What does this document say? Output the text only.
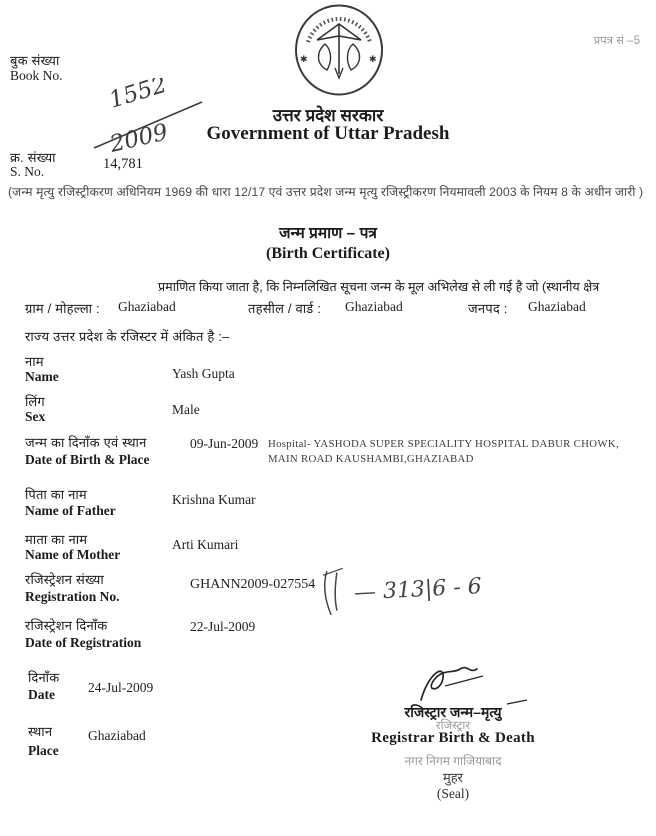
प्रपत्र सं –5
बुक संख्या
Book No. 1552
2009
✱	✱
उत्तर प्रदेश सरकार
Government of Uttar Pradesh
क्र. संख्या
S. No.	14,781
(जन्म मृत्यु रजिस्ट्रीकरण अधिनियम 1969 की धारा 12/17 एवं उत्तर प्रदेश जन्म मृत्यु रजिस्ट्रीकरण नियमावली 2003 के नियम 8 के अधीन जारी )
जन्म प्रमाण – पत्र
(Birth Certificate)
प्रमाणित किया जाता है, कि निम्नलिखित सूचना जन्म के मूल अभिलेख से ली गई है जो (स्थानीय क्षेत्र
ग्राम / मोहल्ला : Ghaziabad	तहसील / वार्ड : Ghaziabad	जनपद : Ghaziabad
राज्य उत्तर प्रदेश के रजिस्टर में अंकित है :–
नाम
Name	Yash Gupta
लिंग
Sex	Male
जन्म का दिनाँक एवं स्थान
Date of Birth & Place
09-Jun-2009 Hospital- YASHODA SUPER SPECIALITY HOSPITAL DABUR CHOWK,
MAIN ROAD KAUSHAMBI,GHAZIABAD
पिता का नाम
Name of Father
Krishna Kumar
माता का नाम
Name of Mother
Arti Kumari
रजिस्ट्रेशन संख्या
Registration No.
GHANN2009-027554 — 313|6 - 6
रजिस्ट्रेशन दिनाँक
Date of Registration
22-Jul-2009
दिनाँक
Date 24-Jul-2009
स्थान
Place
Ghaziabad
रजिस्ट्रार जन्म–मृत्यु
रजिस्ट्रार
Registrar Birth & Death
नगर निगम गाजियाबाद
मुहर
(Seal)
